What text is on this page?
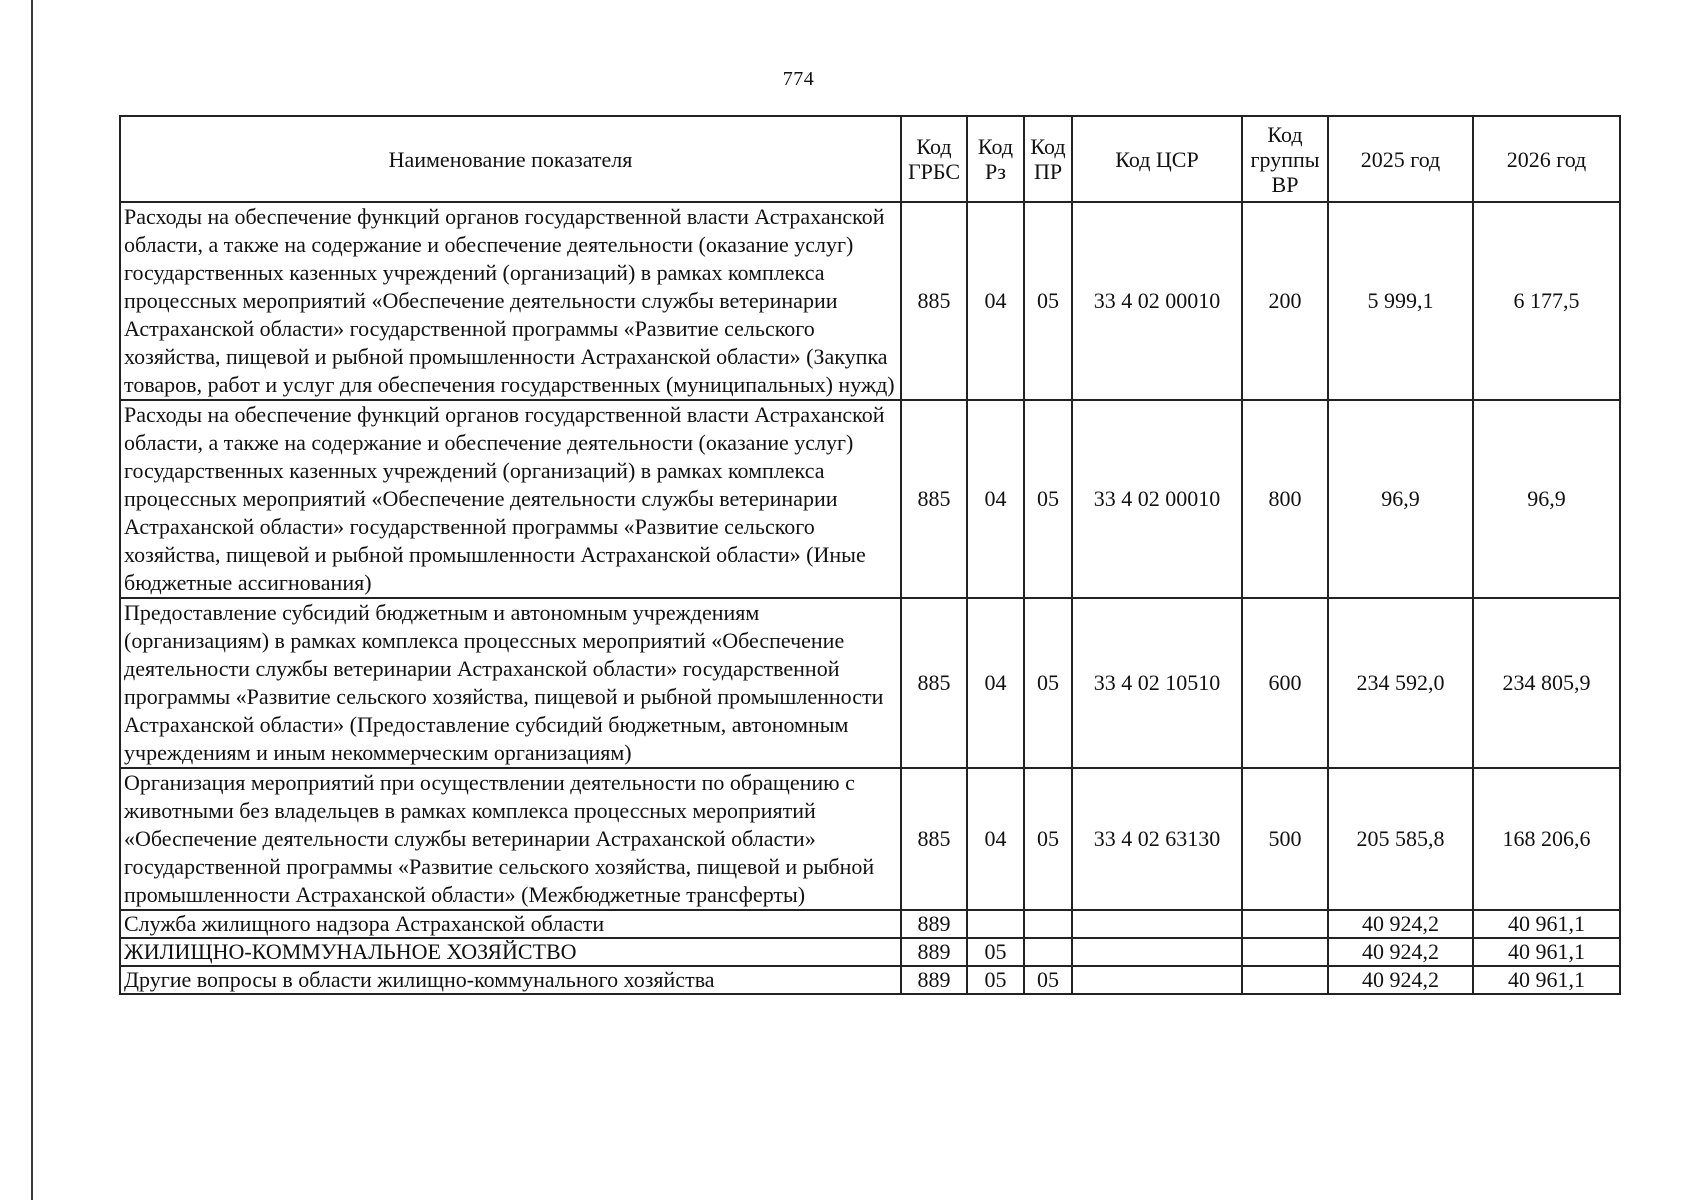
774
Наименование показателя	Код ГРБС	Код Рз	Код ПР	Код ЦСР	Код группы ВР	2025 год	2026 год
Расходы на обеспечение функций органов государственной власти Астраханской области, а также на содержание и обеспечение деятельности (оказание услуг) государственных казенных учреждений (организаций) в рамках комплекса процессных мероприятий «Обеспечение деятельности службы ветеринарии Астраханской области» государственной программы «Развитие сельского хозяйства, пищевой и рыбной промышленности Астраханской области» (Закупка товаров, работ и услуг для обеспечения государственных (муниципальных) нужд)	885	04	05	33 4 02 00010	200	5 999,1	6 177,5
Расходы на обеспечение функций органов государственной власти Астраханской области, а также на содержание и обеспечение деятельности (оказание услуг) государственных казенных учреждений (организаций) в рамках комплекса процессных мероприятий «Обеспечение деятельности службы ветеринарии Астраханской области» государственной программы «Развитие сельского хозяйства, пищевой и рыбной промышленности Астраханской области» (Иные бюджетные ассигнования)	885	04	05	33 4 02 00010	800	96,9	96,9
Предоставление субсидий бюджетным и автономным учреждениям (организациям) в рамках комплекса процессных мероприятий «Обеспечение деятельности службы ветеринарии Астраханской области» государственной программы «Развитие сельского хозяйства, пищевой и рыбной промышленности Астраханской области» (Предоставление субсидий бюджетным, автономным учреждениям и иным некоммерческим организациям)	885	04	05	33 4 02 10510	600	234 592,0	234 805,9
Организация мероприятий при осуществлении деятельности по обращению с животными без владельцев в рамках комплекса процессных мероприятий «Обеспечение деятельности службы ветеринарии Астраханской области» государственной программы «Развитие сельского хозяйства, пищевой и рыбной промышленности Астраханской области» (Межбюджетные трансферты)	885	04	05	33 4 02 63130	500	205 585,8	168 206,6
Служба жилищного надзора Астраханской области	889					40 924,2	40 961,1
ЖИЛИЩНО-КОММУНАЛЬНОЕ ХОЗЯЙСТВО	889	05				40 924,2	40 961,1
Другие вопросы в области жилищно-коммунального хозяйства	889	05	05			40 924,2	40 961,1
